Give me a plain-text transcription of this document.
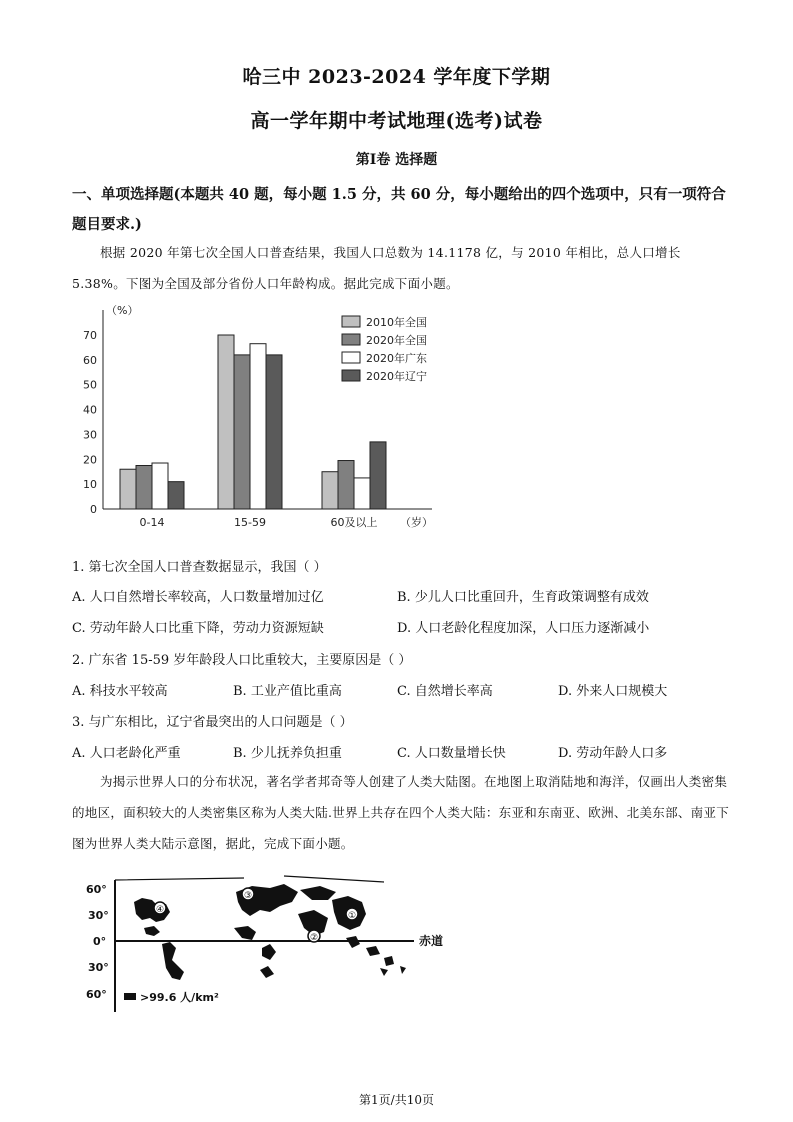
哈三中 2023-2024 学年度下学期
高一学年期中考试地理(选考)试卷
第Ⅰ卷 选择题
一、单项选择题(本题共 40 题，每小题 1.5 分，共 60 分，每小题给出的四个选项中，只有一项符合题目要求.)
根据 2020 年第七次全国人口普查结果，我国人口总数为 14.1178 亿，与 2010 年相比，总人口增长 5.38%。下图为全国及部分省份人口年龄构成。据此完成下面小题。
（%）
（岁）
0
10
20
30
40
50
60
70
0-14	15-59	60及以上
2010年全国
2020年全国
2020年广东
2020年辽宁
1. 第七次全国人口普查数据显示，我国（ ）
A. 人口自然增长率较高，人口数量增加过亿	B. 少儿人口比重回升，生育政策调整有成效
C. 劳动年龄人口比重下降，劳动力资源短缺	D. 人口老龄化程度加深，人口压力逐渐减小
2. 广东省 15-59 岁年龄段人口比重较大，主要原因是（ ）
A. 科技水平较高	B. 工业产值比重高	C. 自然增长率高	D. 外来人口规模大
3. 与广东相比，辽宁省最突出的人口问题是（ ）
A. 人口老龄化严重	B. 少儿抚养负担重	C. 人口数量增长快	D. 劳动年龄人口多
为揭示世界人口的分布状况，著名学者邦奇等人创建了人类大陆图。在地图上取消陆地和海洋，仅画出人类密集的地区，面积较大的人类密集区称为人类大陆.世界上共存在四个人类大陆：东亚和东南亚、欧洲、北美东部、南亚下图为世界人类大陆示意图，据此，完成下面小题。
60°
30°
0°
30°
60°
赤道
④
③
②
①
>99.6 人/km²
第1页/共10页
